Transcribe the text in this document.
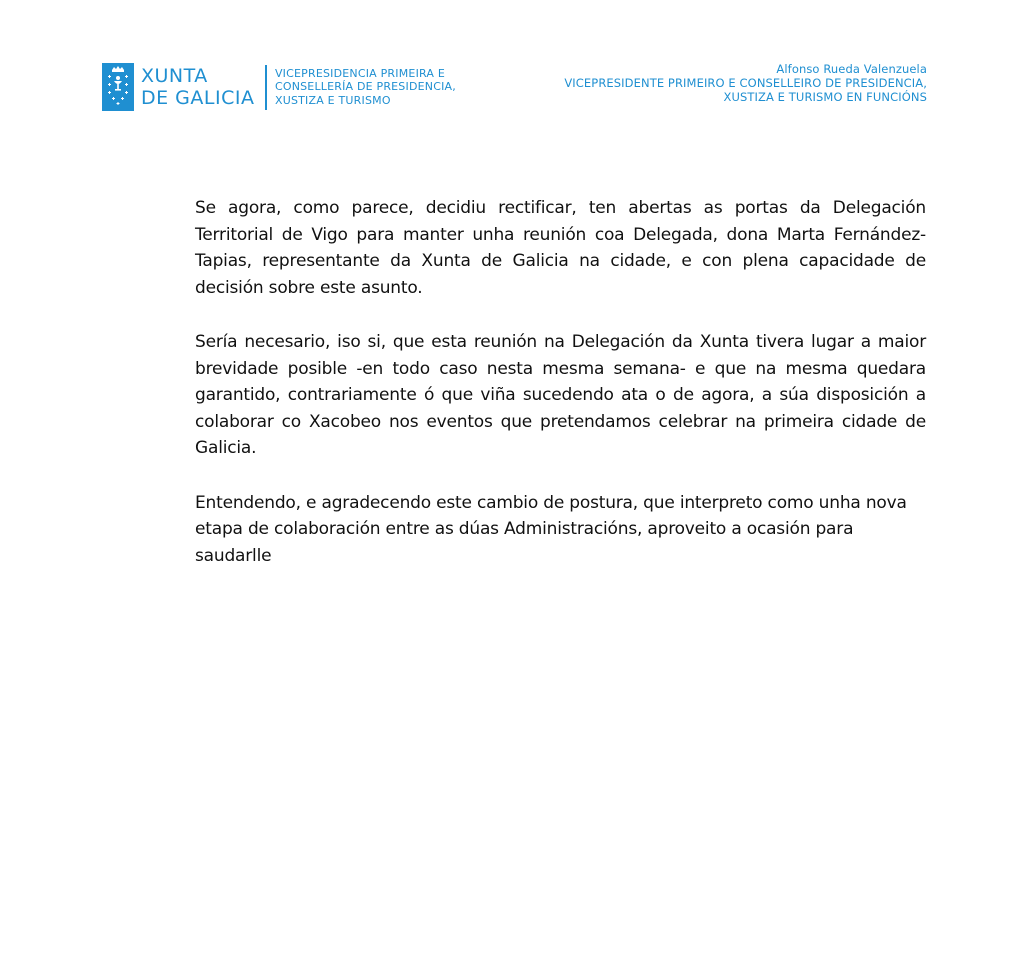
XUNTA
DE GALICIA
VICEPRESIDENCIA PRIMEIRA E
CONSELLERÍA DE PRESIDENCIA,
XUSTIZA E TURISMO
Alfonso Rueda Valenzuela
VICEPRESIDENTE PRIMEIRO E CONSELLEIRO DE PRESIDENCIA,
XUSTIZA E TURISMO EN FUNCIÓNS

Se agora, como parece, decidiu rectificar, ten abertas as portas da Delegación Territorial de Vigo para manter unha reunión coa Delegada, dona Marta Fernández-Tapias, representante da Xunta de Galicia na cidade, e con plena capacidade de decisión sobre este asunto.

Sería necesario, iso si, que esta reunión na Delegación da Xunta tivera lugar a maior brevidade posible -en todo caso nesta mesma semana- e que na mesma quedara garantido, contrariamente ó que viña sucedendo ata o de agora, a súa disposición a colaborar co Xacobeo nos eventos que pretendamos celebrar na primeira cidade de Galicia.

Entendendo, e agradecendo este cambio de postura, que interpreto como unha nova etapa de colaboración entre as dúas Administracións, aproveito a ocasión para saudarlle
